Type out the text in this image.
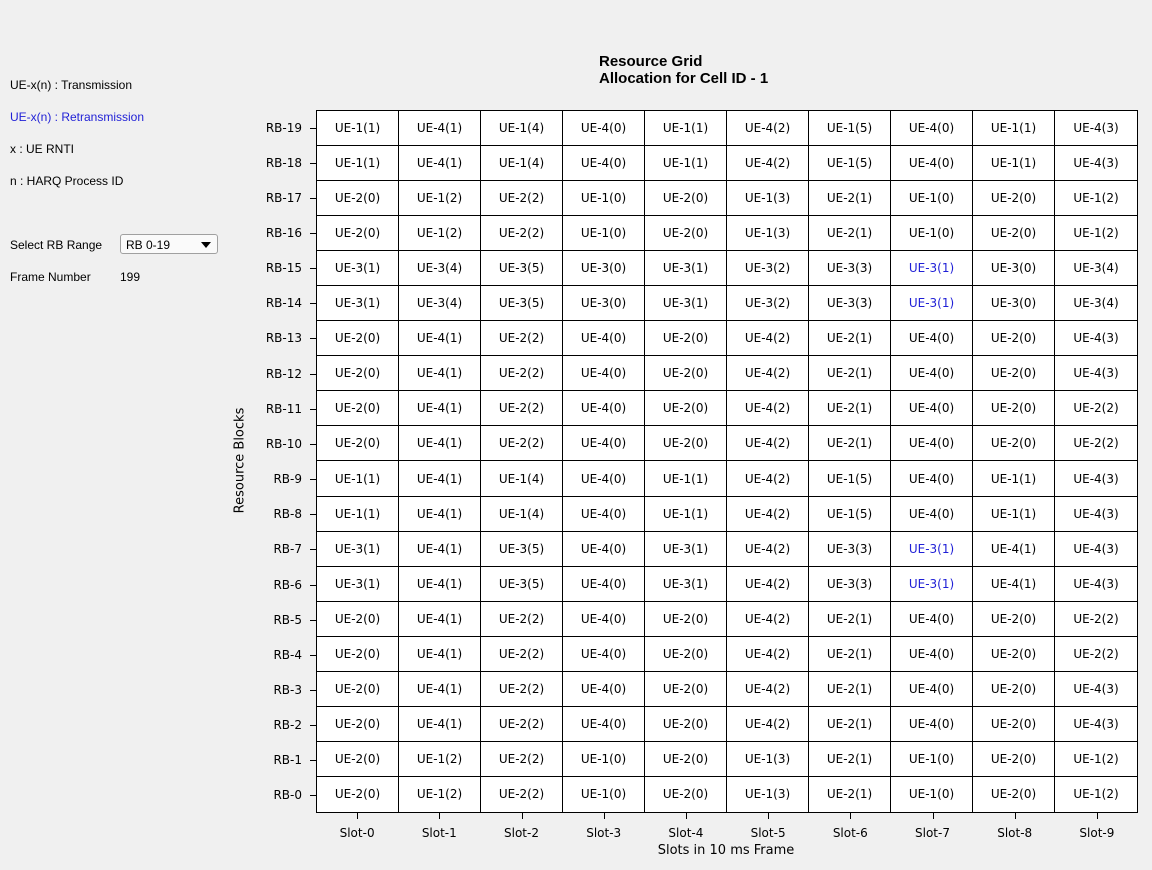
UE-x(n) : Transmission
UE-x(n) : Retransmission
x : UE RNTI
n : HARQ Process ID
Select RB Range	RB 0-19
Frame Number 199
Resource Grid
Allocation for Cell ID - 1
UE-1(1)	UE-4(1)	UE-1(4)	UE-4(0)	UE-1(1)	UE-4(2)	UE-1(5)	UE-4(0)	UE-1(1)	UE-4(3)
UE-1(1)	UE-4(1)	UE-1(4)	UE-4(0)	UE-1(1)	UE-4(2)	UE-1(5)	UE-4(0)	UE-1(1)	UE-4(3)
UE-2(0)	UE-1(2)	UE-2(2)	UE-1(0)	UE-2(0)	UE-1(3)	UE-2(1)	UE-1(0)	UE-2(0)	UE-1(2)
UE-2(0)	UE-1(2)	UE-2(2)	UE-1(0)	UE-2(0)	UE-1(3)	UE-2(1)	UE-1(0)	UE-2(0)	UE-1(2)
UE-3(1)	UE-3(4)	UE-3(5)	UE-3(0)	UE-3(1)	UE-3(2)	UE-3(3)	UE-3(1)	UE-3(0)	UE-3(4)
UE-3(1)	UE-3(4)	UE-3(5)	UE-3(0)	UE-3(1)	UE-3(2)	UE-3(3)	UE-3(1)	UE-3(0)	UE-3(4)
UE-2(0)	UE-4(1)	UE-2(2)	UE-4(0)	UE-2(0)	UE-4(2)	UE-2(1)	UE-4(0)	UE-2(0)	UE-4(3)
UE-2(0)	UE-4(1)	UE-2(2)	UE-4(0)	UE-2(0)	UE-4(2)	UE-2(1)	UE-4(0)	UE-2(0)	UE-4(3)
UE-2(0)	UE-4(1)	UE-2(2)	UE-4(0)	UE-2(0)	UE-4(2)	UE-2(1)	UE-4(0)	UE-2(0)	UE-2(2)
UE-2(0)	UE-4(1)	UE-2(2)	UE-4(0)	UE-2(0)	UE-4(2)	UE-2(1)	UE-4(0)	UE-2(0)	UE-2(2)
UE-1(1)	UE-4(1)	UE-1(4)	UE-4(0)	UE-1(1)	UE-4(2)	UE-1(5)	UE-4(0)	UE-1(1)	UE-4(3)
UE-1(1)	UE-4(1)	UE-1(4)	UE-4(0)	UE-1(1)	UE-4(2)	UE-1(5)	UE-4(0)	UE-1(1)	UE-4(3)
UE-3(1)	UE-4(1)	UE-3(5)	UE-4(0)	UE-3(1)	UE-4(2)	UE-3(3)	UE-3(1)	UE-4(1)	UE-4(3)
UE-3(1)	UE-4(1)	UE-3(5)	UE-4(0)	UE-3(1)	UE-4(2)	UE-3(3)	UE-3(1)	UE-4(1)	UE-4(3)
UE-2(0)	UE-4(1)	UE-2(2)	UE-4(0)	UE-2(0)	UE-4(2)	UE-2(1)	UE-4(0)	UE-2(0)	UE-2(2)
UE-2(0)	UE-4(1)	UE-2(2)	UE-4(0)	UE-2(0)	UE-4(2)	UE-2(1)	UE-4(0)	UE-2(0)	UE-2(2)
UE-2(0)	UE-4(1)	UE-2(2)	UE-4(0)	UE-2(0)	UE-4(2)	UE-2(1)	UE-4(0)	UE-2(0)	UE-4(3)
UE-2(0)	UE-4(1)	UE-2(2)	UE-4(0)	UE-2(0)	UE-4(2)	UE-2(1)	UE-4(0)	UE-2(0)	UE-4(3)
UE-2(0)	UE-1(2)	UE-2(2)	UE-1(0)	UE-2(0)	UE-1(3)	UE-2(1)	UE-1(0)	UE-2(0)	UE-1(2)
UE-2(0)	UE-1(2)	UE-2(2)	UE-1(0)	UE-2(0)	UE-1(3)	UE-2(1)	UE-1(0)	UE-2(0)	UE-1(2)
RB-19
RB-18
RB-17
RB-16
RB-15
RB-14
RB-13
RB-12
RB-11
RB-10
RB-9
RB-8
RB-7
RB-6
RB-5
RB-4
RB-3
RB-2
RB-1
RB-0
Slot-0	Slot-1	Slot-2	Slot-3	Slot-4	Slot-5	Slot-6	Slot-7	Slot-8	Slot-9
Slots in 10 ms Frame
Resource Blocks
